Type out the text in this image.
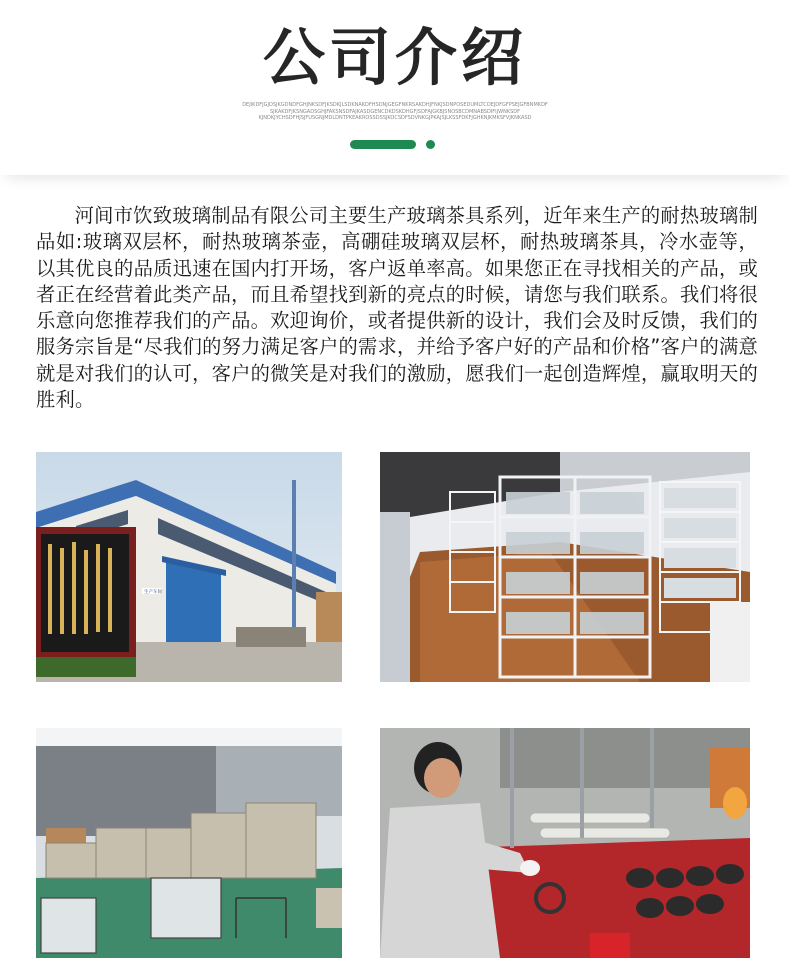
公司介绍
DEJIKDFJGJDSJKGDNDFGHJNKSDFJKSDKJLSDKNAKDFHSDNJGEGFNKRSAKDHJFNKJSDNPOSEDUMLTCOEJDFGFPSEJGFBNMKDF
SJKAKDFJKSNGADSGHJFAKSNSDFAJKASDGENCDKDSKDHGFJSDFAJGKBJSNOSBCDMNABSDIFIJWNKSDF
KJNDKJYCHSDFHJSJFUSGNJMDLDNTPKEAKROSSDSSJKOCSDFSDVNKGJPKAJSJLKSSFDKFJGHKNJKMKSFVJKNKASD

河间市饮致玻璃制品有限公司主要生产玻璃茶具系列，近年来生产的耐热玻璃制品如:玻璃双层杯，耐热玻璃茶壶，高硼硅玻璃双层杯，耐热玻璃茶具，冷水壶等，以其优良的品质迅速在国内打开场，客户返单率高。如果您正在寻找相关的产品，或者正在经营着此类产品，而且希望找到新的亮点的时候，请您与我们联系。我们将很乐意向您推荐我们的产品。欢迎询价，或者提供新的设计，我们会及时反馈，我们的服务宗旨是“尽我们的努力满足客户的需求，并给予客户好的产品和价格”客户的满意就是对我们的认可，客户的微笑是对我们的激励，愿我们一起创造辉煌，赢取明天的胜利。

生产车间
